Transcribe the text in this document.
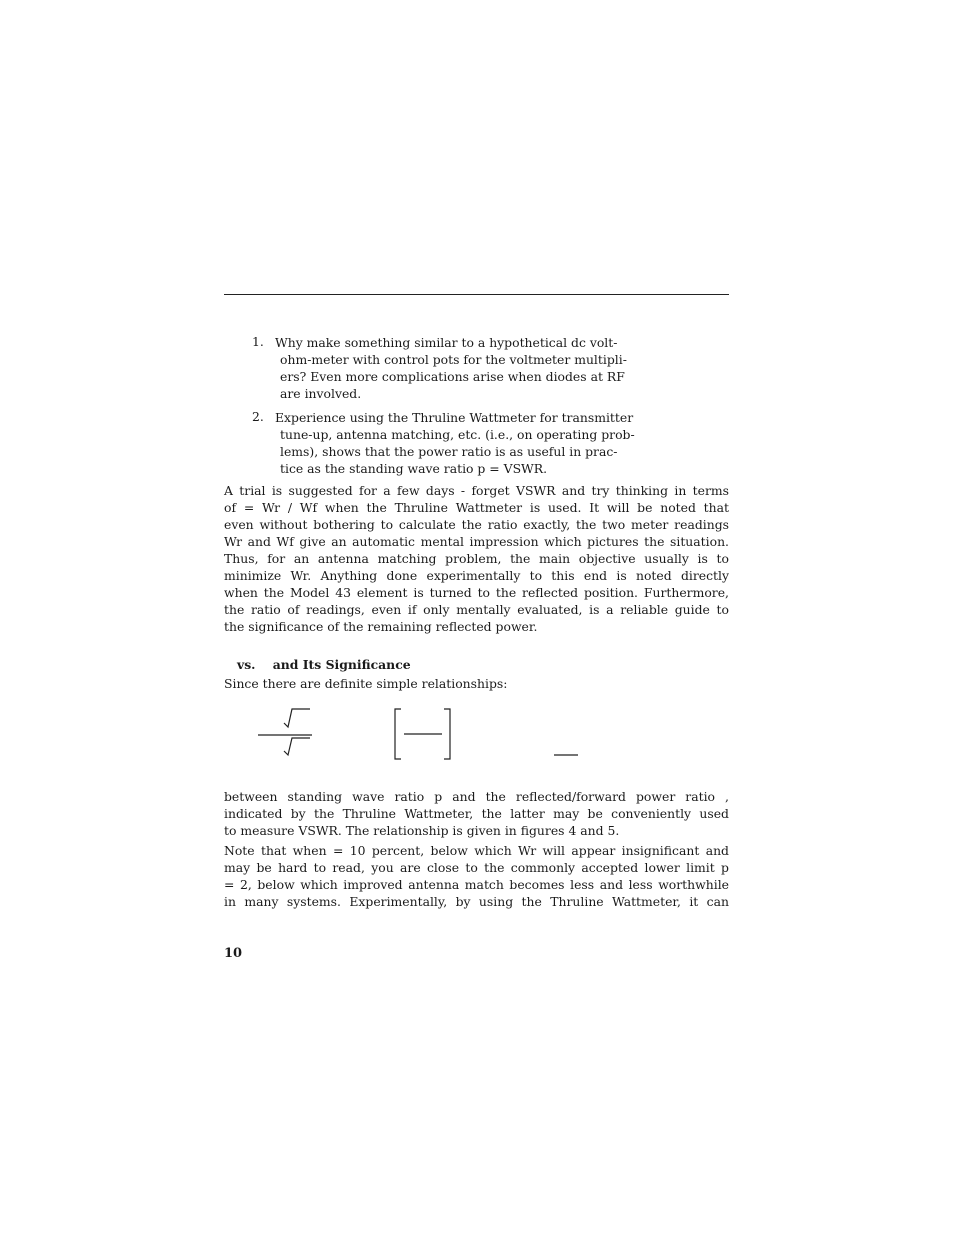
1. Why make something similar to a hypothetical dc volt-
ohm-meter with control pots for the voltmeter multipli-
ers? Even more complications arise when diodes at RF
are involved.
2. Experience using the Thruline Wattmeter for transmitter
tune-up, antenna matching, etc. (i.e., on operating prob-
lems), shows that the power ratio is as useful in prac-
tice as the standing wave ratio p = VSWR.
A trial is suggested for a few days - forget VSWR and try thinking in terms
of = Wr / Wf when the Thruline Wattmeter is used. It will be noted that
even without bothering to calculate the ratio exactly, the two meter readings
Wr and Wf give an automatic mental impression which pictures the situation.
Thus, for an antenna matching problem, the main objective usually is to
minimize Wr. Anything done experimentally to this end is noted directly
when the Model 43 element is turned to the reflected position. Furthermore,
the ratio of readings, even if only mentally evaluated, is a reliable guide to
the significance of the remaining reflected power.
vs.    and Its Significance
Since there are definite simple relationships:
between standing wave ratio p and the reflected/forward power ratio ,
indicated by the Thruline Wattmeter, the latter may be conveniently used
to measure VSWR. The relationship is given in figures 4 and 5.
Note that when = 10 percent, below which Wr will appear insignificant and
may be hard to read, you are close to the commonly accepted lower limit p
= 2, below which improved antenna match becomes less and less worthwhile
in many systems. Experimentally, by using the Thruline Wattmeter, it can
10
